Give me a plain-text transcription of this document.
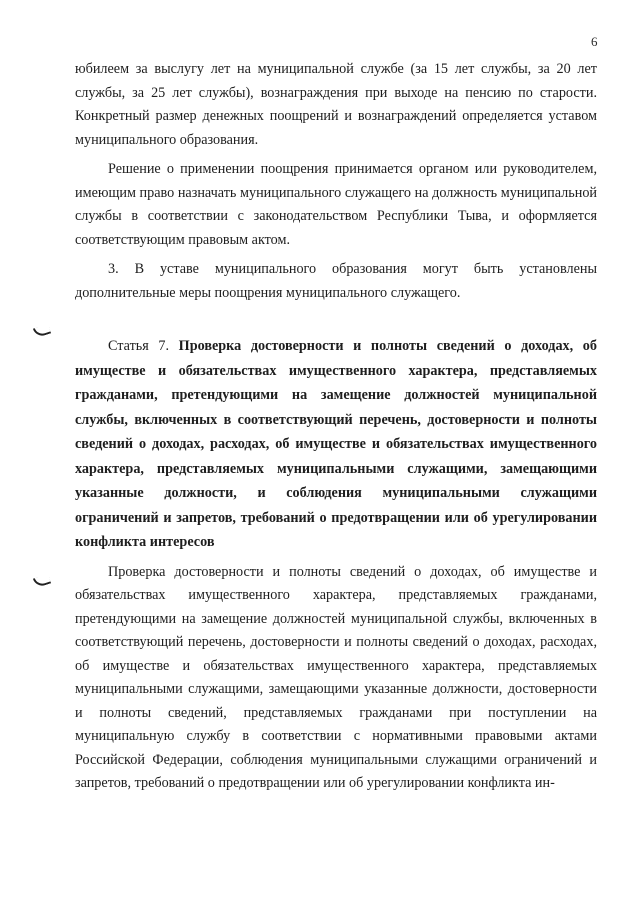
6

юбилеем за выслугу лет на муниципальной службе (за 15 лет службы, за 20 лет службы, за 25 лет службы), вознаграждения при выходе на пенсию по старости. Конкретный размер денежных поощрений и вознаграждений определяется уставом муниципального образования.

Решение о применении поощрения принимается органом или руководителем, имеющим право назначать муниципального служащего на должность муниципальной службы в соответствии с законодательством Республики Тыва, и оформляется соответствующим правовым актом.

3. В уставе муниципального образования могут быть установлены дополнительные меры поощрения муниципального служащего.

Статья 7. Проверка достоверности и полноты сведений о доходах, об имуществе и обязательствах имущественного характера, представляемых гражданами, претендующими на замещение должностей муниципальной службы, включенных в соответствующий перечень, достоверности и полноты сведений о доходах, расходах, об имуществе и обязательствах имущественного характера, представляемых муниципальными служащими, замещающими указанные должности, и соблюдения муниципальными служащими ограничений и запретов, требований о предотвращении или об урегулировании конфликта интересов

Проверка достоверности и полноты сведений о доходах, об имуществе и обязательствах имущественного характера, представляемых гражданами, претендующими на замещение должностей муниципальной службы, включенных в соответствующий перечень, достоверности и полноты сведений о доходах, расходах, об имуществе и обязательствах имущественного характера, представляемых муниципальными служащими, замещающими указанные должности, достоверности и полноты сведений, представляемых гражданами при поступлении на муниципальную службу в соответствии с нормативными правовыми актами Российской Федерации, соблюдения муниципальными служащими ограничений и запретов, требований о предотвращении или об урегулировании конфликта ин-
